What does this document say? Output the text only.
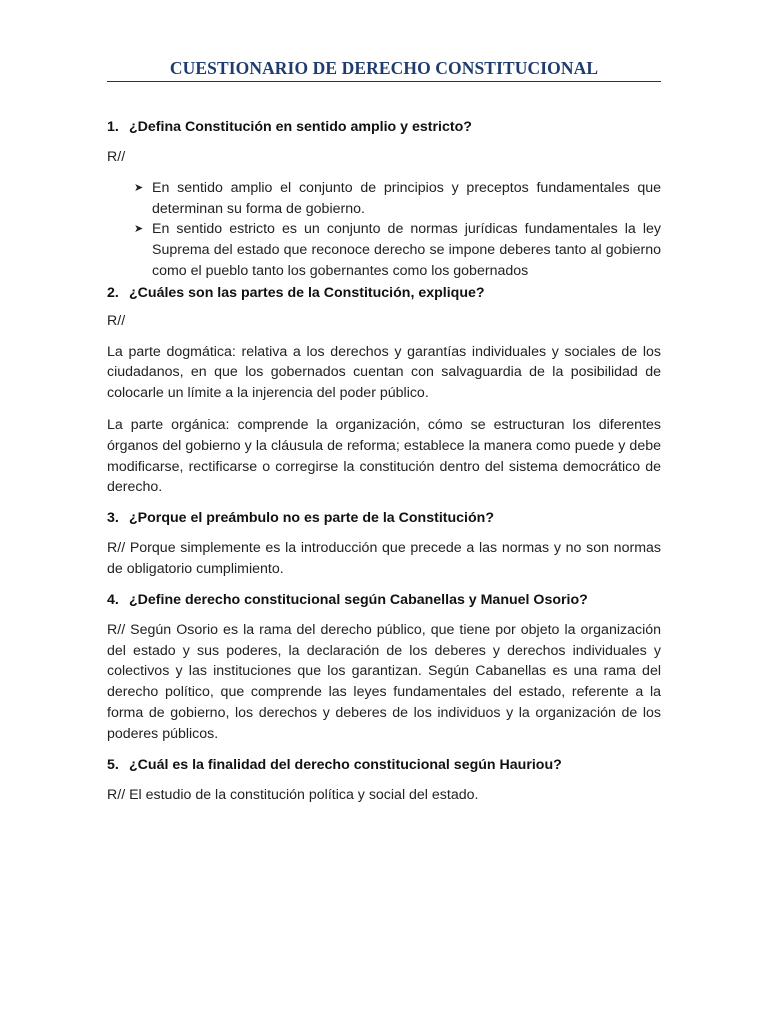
CUESTIONARIO DE DERECHO CONSTITUCIONAL
1. ¿Defina Constitución en sentido amplio y estricto?

R//

➤ En sentido amplio el conjunto de principios y preceptos fundamentales que determinan su forma de gobierno.
➤ En sentido estricto es un conjunto de normas jurídicas fundamentales la ley Suprema del estado que reconoce derecho se impone deberes tanto al gobierno como el pueblo tanto los gobernantes como los gobernados
2. ¿Cuáles son las partes de la Constitución, explique?

R//

La parte dogmática: relativa a los derechos y garantías individuales y sociales de los ciudadanos, en que los gobernados cuentan con salvaguardia de la posibilidad de colocarle un límite a la injerencia del poder público.

La parte orgánica: comprende la organización, cómo se estructuran los diferentes órganos del gobierno y la cláusula de reforma; establece la manera como puede y debe modificarse, rectificarse o corregirse la constitución dentro del sistema democrático de derecho.

3. ¿Porque el preámbulo no es parte de la Constitución?

R// Porque simplemente es la introducción que precede a las normas y no son normas de obligatorio cumplimiento.

4. ¿Define derecho constitucional según Cabanellas y Manuel Osorio?

R// Según Osorio es la rama del derecho público, que tiene por objeto la organización del estado y sus poderes, la declaración de los deberes y derechos individuales y colectivos y las instituciones que los garantizan. Según Cabanellas es una rama del derecho político, que comprende las leyes fundamentales del estado, referente a la forma de gobierno, los derechos y deberes de los individuos y la organización de los poderes públicos.

5. ¿Cuál es la finalidad del derecho constitucional según Hauriou?

R// El estudio de la constitución política y social del estado.
